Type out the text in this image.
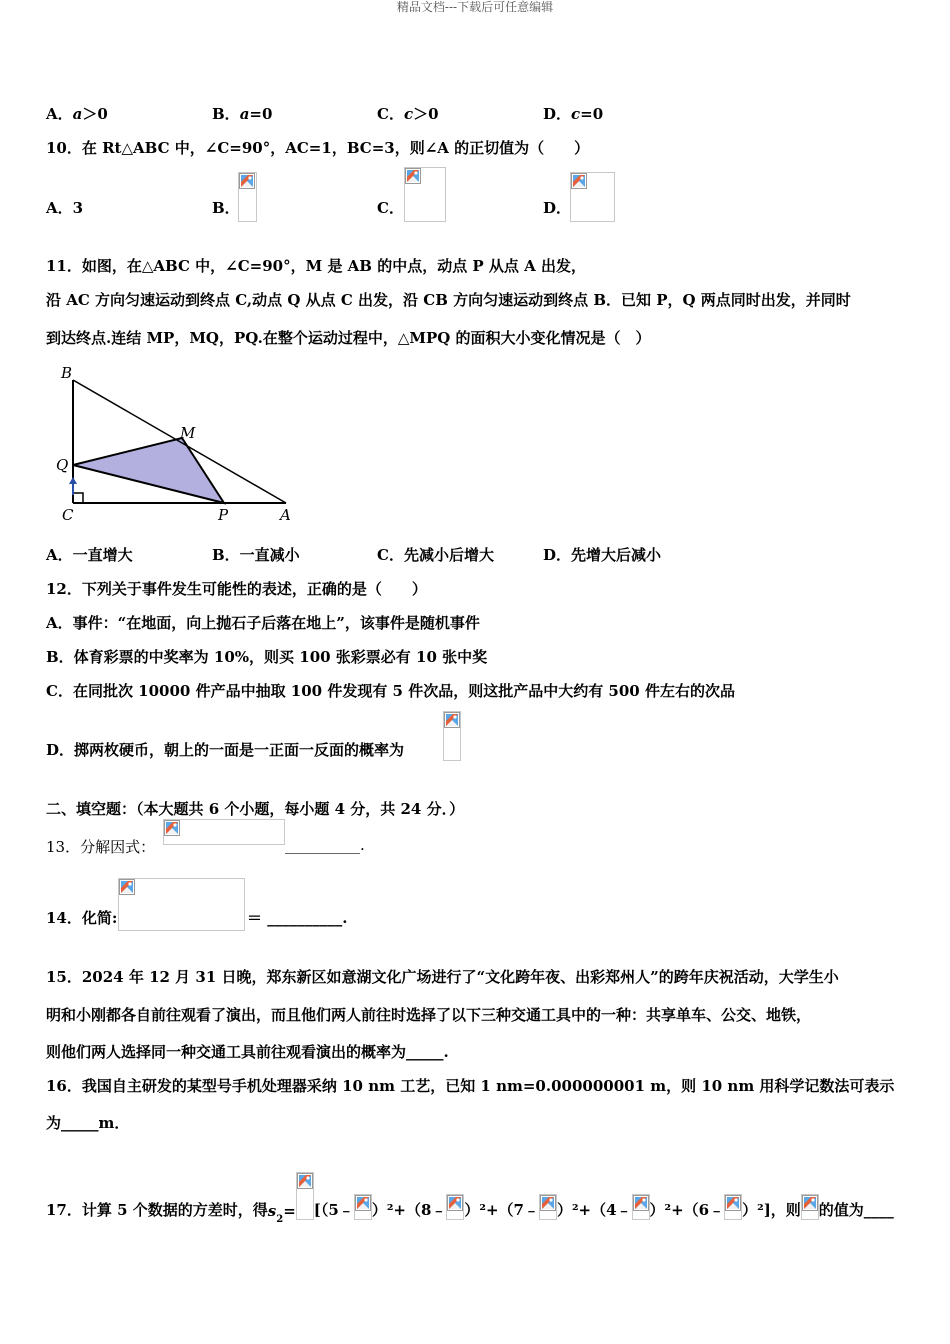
精品文档---下载后可任意编辑
A．a＞0	B．a=0	C．c＞0	D．c=0
10．在 Rt△ABC 中，∠C=90°，AC=1，BC=3，则∠A 的正切值为（　　）
A．3	B．	C．	D．
11．如图，在△ABC 中，∠C=90°，M 是 AB 的中点，动点 P 从点 A 出发，
沿 AC 方向匀速运动到终点 C,动点 Q 从点 C 出发，沿 CB 方向匀速运动到终点 B．已知 P，Q 两点同时出发，并同时
到达终点.连结 MP，MQ，PQ.在整个运动过程中，△MPQ 的面积大小变化情况是（　）
B
M
Q
C	P	A
A．一直增大	B．一直减小	C．先减小后增大	D．先增大后减小
12．下列关于事件发生可能性的表述，正确的是（　　）
A．事件：“在地面，向上抛石子后落在地上”，该事件是随机事件
B．体育彩票的中奖率为 10%，则买 100 张彩票必有 10 张中奖
C．在同批次 10000 件产品中抽取 100 件发现有 5 件次品，则这批产品中大约有 500 件左右的次品
D．掷两枚硬币，朝上的一面是一正面一反面的概率为
二、填空题：（本大题共 6 个小题，每小题 4 分，共 24 分．）
13．分解因式：	__________.
14．化简:	＝ __________.
15．2024 年 12 月 31 日晚，郑东新区如意湖文化广场进行了“文化跨年夜、出彩郑州人”的跨年庆祝活动，大学生小
明和小刚都各自前往观看了演出，而且他们两人前往时选择了以下三种交通工具中的一种：共享单车、公交、地铁，
则他们两人选择同一种交通工具前往观看演出的概率为_____.
16．我国自主研发的某型号手机处理器采纳 10 nm 工艺，已知 1 nm=0.000000001 m，则 10 nm 用科学记数法可表示
为_____m．
17．计算 5 个数据的方差时，得 s 2 = [（5﹣ ）²+（8﹣ ）²+（7﹣ ）²+（4﹣ ）²+（6﹣ ）²]，则 的值为____
